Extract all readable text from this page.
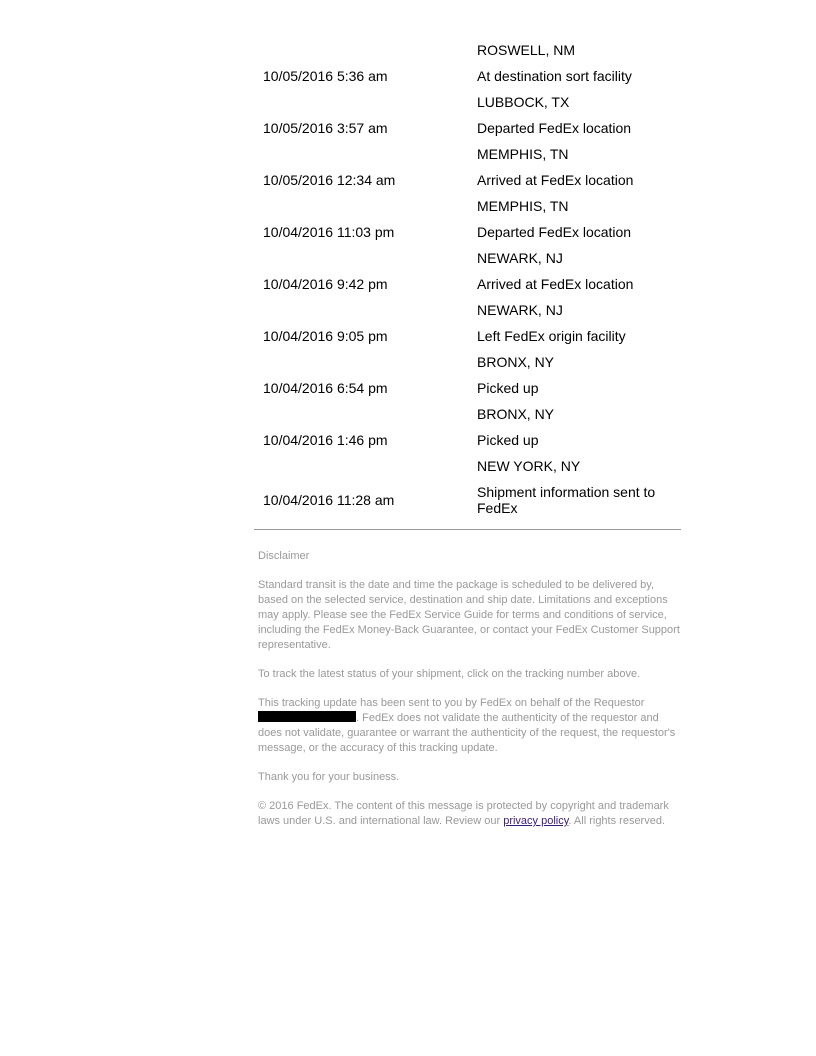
ROSWELL, NM
10/05/2016 5:36 am	At destination sort facility
LUBBOCK, TX
10/05/2016 3:57 am	Departed FedEx location
MEMPHIS, TN
10/05/2016 12:34 am	Arrived at FedEx location
MEMPHIS, TN
10/04/2016 11:03 pm	Departed FedEx location
NEWARK, NJ
10/04/2016 9:42 pm	Arrived at FedEx location
NEWARK, NJ
10/04/2016 9:05 pm	Left FedEx origin facility
BRONX, NY
10/04/2016 6:54 pm	Picked up
BRONX, NY
10/04/2016 1:46 pm	Picked up
NEW YORK, NY
10/04/2016 11:28 am	Shipment information sent to FedEx

Disclaimer

Standard transit is the date and time the package is scheduled to be delivered by, based on the selected service, destination and ship date. Limitations and exceptions may apply. Please see the FedEx Service Guide for terms and conditions of service, including the FedEx Money-Back Guarantee, or contact your FedEx Customer Support representative.

To track the latest status of your shipment, click on the tracking number above.

This tracking update has been sent to you by FedEx on behalf of the Requestor . FedEx does not validate the authenticity of the requestor and does not validate, guarantee or warrant the authenticity of the request, the requestor's message, or the accuracy of this tracking update.

Thank you for your business.

© 2016 FedEx. The content of this message is protected by copyright and trademark laws under U.S. and international law. Review our privacy policy. All rights reserved.
